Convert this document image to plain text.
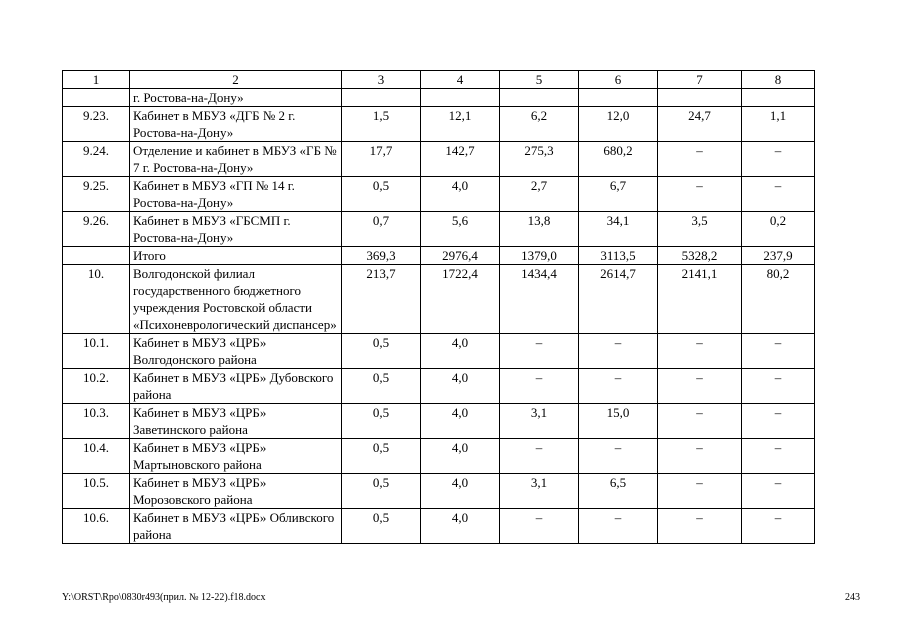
1	2	3	4	5	6	7	8
	г. Ростова-на-Дону»						
9.23.	Кабинет в МБУЗ «ДГБ № 2 г. Ростова-на-Дону»	1,5	12,1	6,2	12,0	24,7	1,1
9.24.	Отделение и кабинет в МБУЗ «ГБ № 7 г. Ростова-на-Дону»	17,7	142,7	275,3	680,2	–	–
9.25.	Кабинет в МБУЗ «ГП № 14 г. Ростова-на-Дону»	0,5	4,0	2,7	6,7	–	–
9.26.	Кабинет в МБУЗ «ГБСМП г. Ростова-на-Дону»	0,7	5,6	13,8	34,1	3,5	0,2
	Итого	369,3	2976,4	1379,0	3113,5	5328,2	237,9
10.	Волгодонской филиал государственного бюджетного учреждения Ростовской области «Психоневрологический диспансер»	213,7	1722,4	1434,4	2614,7	2141,1	80,2
10.1.	Кабинет в МБУЗ «ЦРБ» Волгодонского района	0,5	4,0	–	–	–	–
10.2.	Кабинет в МБУЗ «ЦРБ» Дубовского района	0,5	4,0	–	–	–	–
10.3.	Кабинет в МБУЗ «ЦРБ» Заветинского района	0,5	4,0	3,1	15,0	–	–
10.4.	Кабинет в МБУЗ «ЦРБ» Мартыновского района	0,5	4,0	–	–	–	–
10.5.	Кабинет в МБУЗ «ЦРБ» Морозовского района	0,5	4,0	3,1	6,5	–	–
10.6.	Кабинет в МБУЗ «ЦРБ» Обливского района	0,5	4,0	–	–	–	–
Y:\ORST\Rpo\0830r493(прил. № 12-22).f18.docx	243
